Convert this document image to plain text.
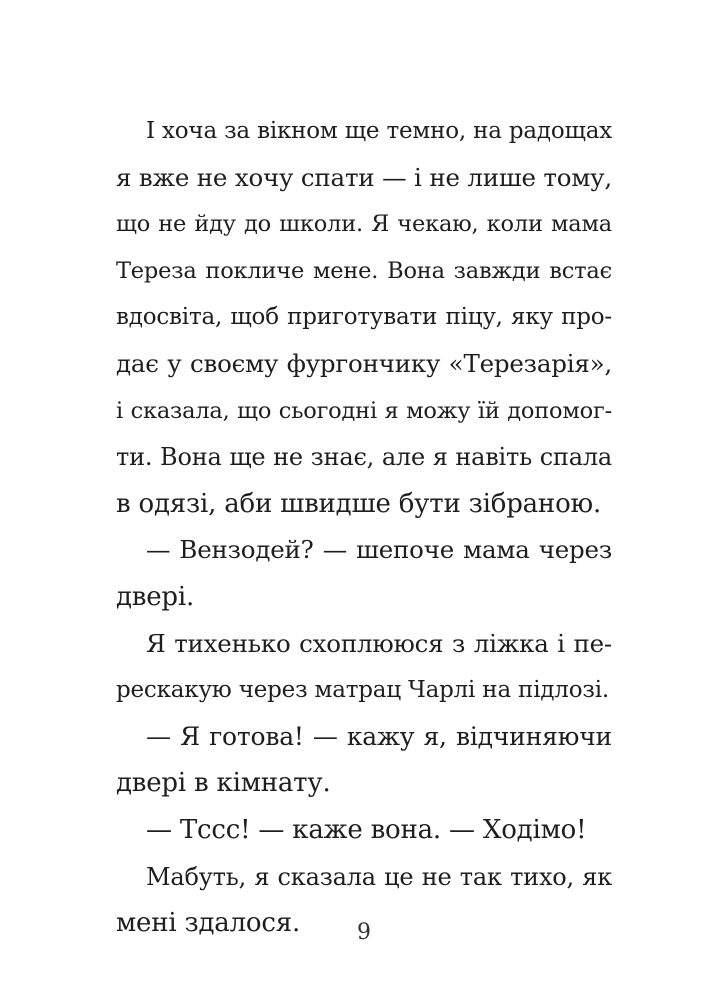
І хоча за вікном ще темно, на радощах
я вже не хочу спати — і не лише тому,
що не йду до школи. Я чекаю, коли мама
Тереза покличе мене. Вона завжди встає
вдосвіта, щоб приготувати піцу, яку про-
дає у своєму фургончику «Терезарія»,
і сказала, що сьогодні я можу їй допомог-
ти. Вона ще не знає, але я навіть спала
в одязі, аби швидше бути зібраною.
— Вензодей? — шепоче мама через
двері.
Я тихенько схоплююся з ліжка і пе-
рескакую через матрац Чарлі на підлозі.
— Я готова! — кажу я, відчиняючи
двері в кімнату.
— Тссс! — каже вона. — Ходімо!
Мабуть, я сказала це не так тихо, як
мені здалося.	9
